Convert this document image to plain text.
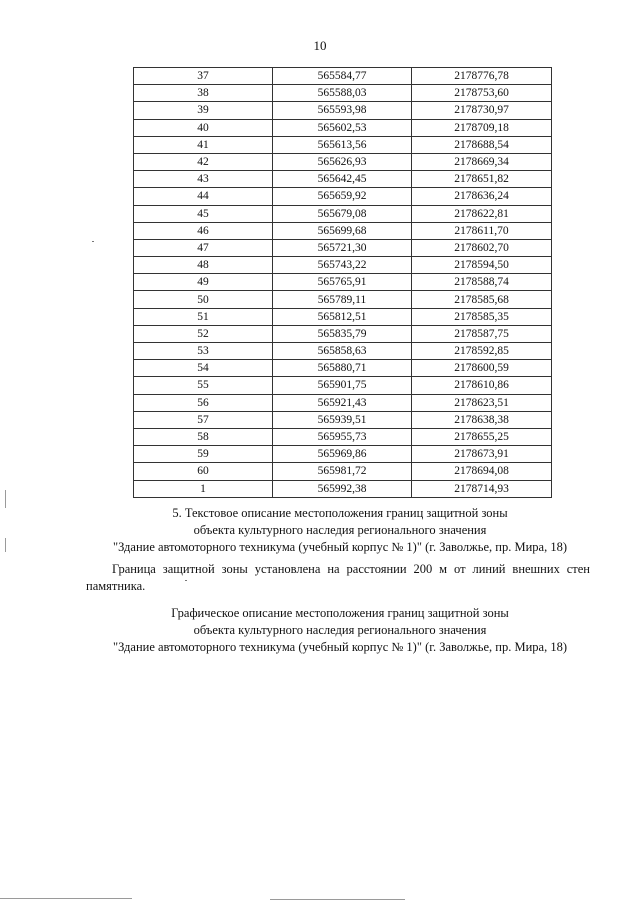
10
37	565584,77	2178776,78
38	565588,03	2178753,60
39	565593,98	2178730,97
40	565602,53	2178709,18
41	565613,56	2178688,54
42	565626,93	2178669,34
43	565642,45	2178651,82
44	565659,92	2178636,24
45	565679,08	2178622,81
46	565699,68	2178611,70
47	565721,30	2178602,70
48	565743,22	2178594,50
49	565765,91	2178588,74
50	565789,11	2178585,68
51	565812,51	2178585,35
52	565835,79	2178587,75
53	565858,63	2178592,85
54	565880,71	2178600,59
55	565901,75	2178610,86
56	565921,43	2178623,51
57	565939,51	2178638,38
58	565955,73	2178655,25
59	565969,86	2178673,91
60	565981,72	2178694,08
1	565992,38	2178714,93
5. Текстовое описание местоположения границ защитной зоны
объекта культурного наследия регионального значения
"Здание автомоторного техникума (учебный корпус № 1)" (г. Заволжье, пр. Мира, 18)
Граница защитной зоны установлена на расстоянии 200 м от линий внешних стен
памятника.
Графическое описание местоположения границ защитной зоны
объекта культурного наследия регионального значения
"Здание автомоторного техникума (учебный корпус № 1)" (г. Заволжье, пр. Мира, 18)
